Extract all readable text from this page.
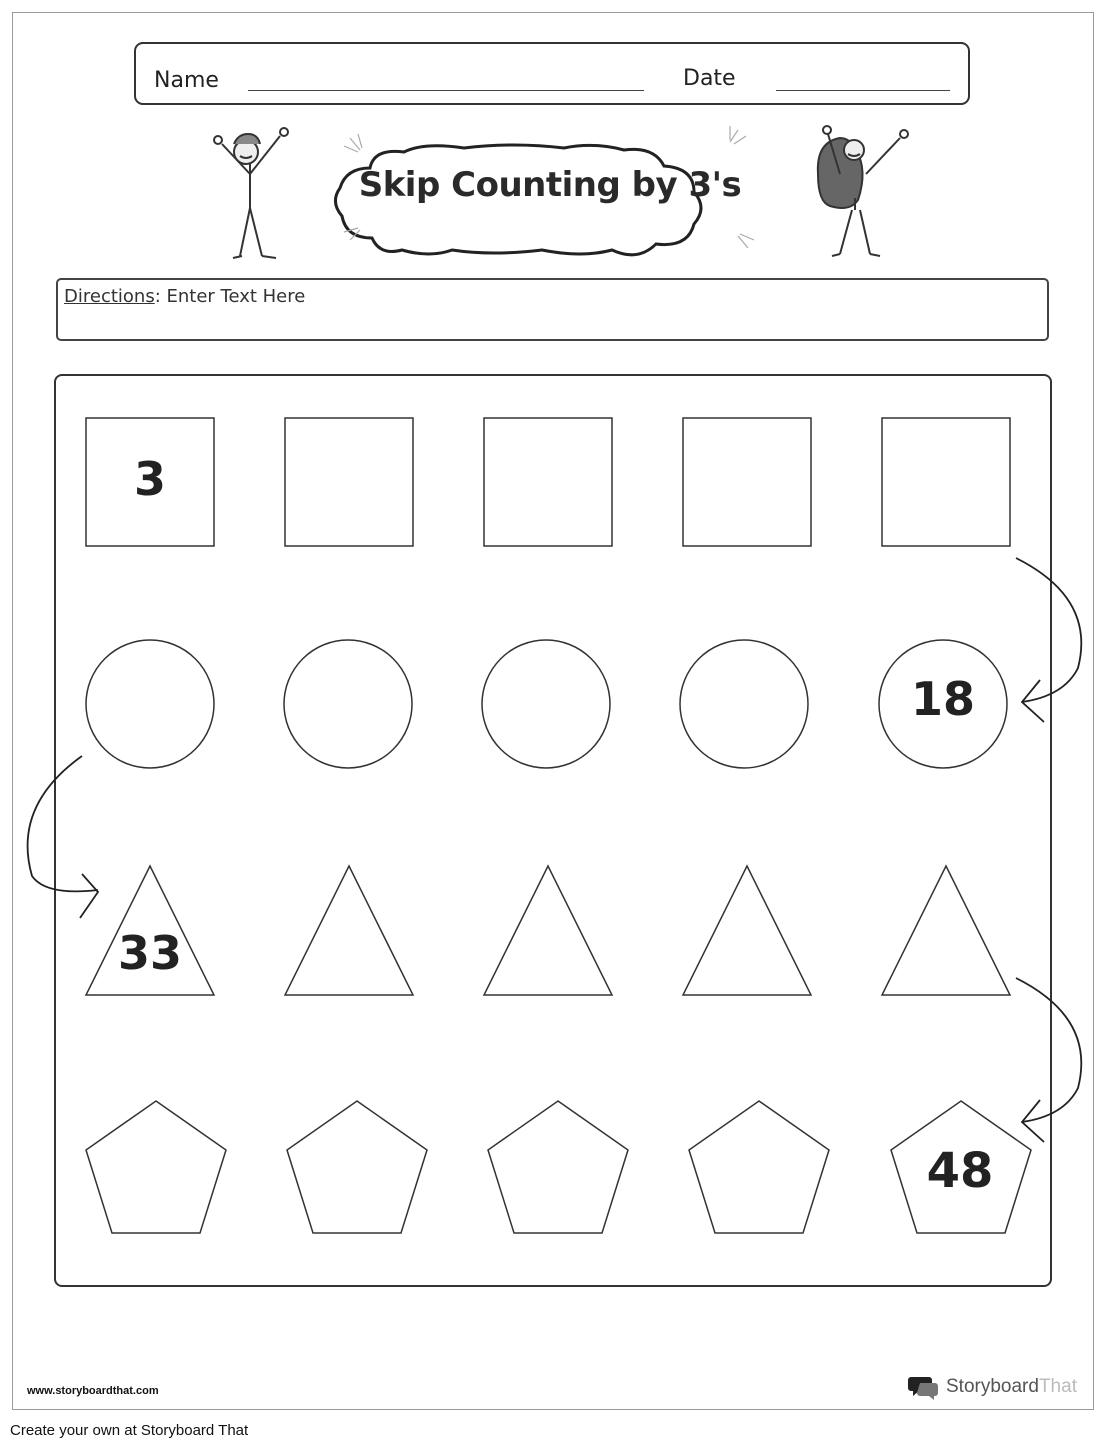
Name	Date
Skip Counting by 3's
Directions: Enter Text Here
3
18
33
48
www.storyboardthat.com	StoryboardThat
Create your own at Storyboard That
